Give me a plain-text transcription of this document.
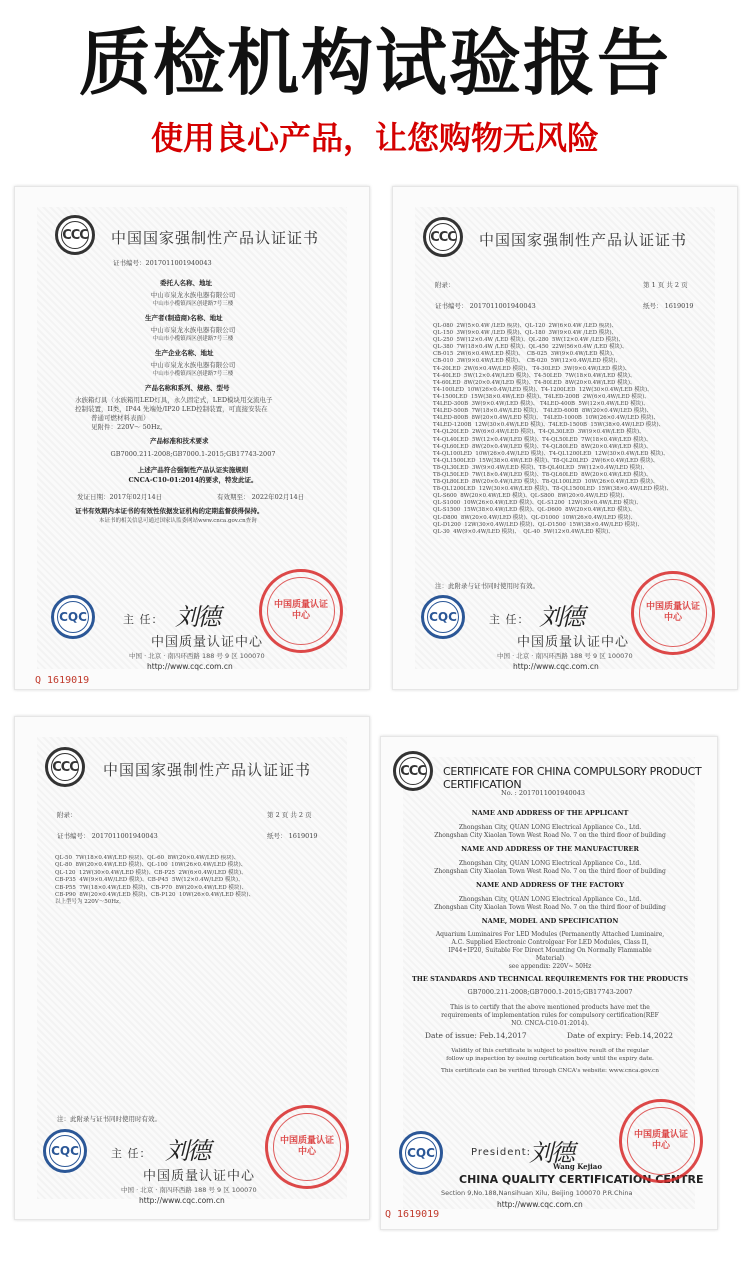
质检机构试验报告
使用良心产品，让您购物无风险
CCC	中国国家强制性产品认证证书
证书编号：2017011001940043
委托人名称、地址
中山市泉龙水族电器有限公司
中山市小榄镇西区创建路7号三楼
生产者(制造商)名称、地址
中山市泉龙水族电器有限公司
中山市小榄镇西区创建路7号三楼
生产企业名称、地址
中山市泉龙水族电器有限公司
中山市小榄镇西区创建路7号三楼
产品名称和系列、规格、型号
水族箱灯具（水族箱用LED灯具，永久固定式，LED模块用交流电子
控制装置，II类，IP44 先端处/IP20 LED控制装置，可直接安装在
普通可燃材料表面）
见附件：220V～ 50Hz。
产品标准和技术要求
GB7000.211-2008;GB7000.1-2015;GB17743-2007
上述产品符合强制性产品认证实施规则
CNCA-C10-01:2014的要求，特发此证。
发证日期：2017年02月14日	有效期至： 2022年02月14日
证书有效期内本证书的有效性依据发证机构的定期监督获得保持。
本证书的相关信息可通过国家认监委网站www.cnca.gov.cn查询
CQC	主 任： 刘德
中国质量认证中心
中国 · 北京 · 南四环西路 188 号 9 区 100070
http://www.cqc.com.cn
中国质量认证中心
Q 1619019
CCC	中国国家强制性产品认证证书
附录：	第 1 页 共 2 页
证书编号： 2017011001940043	纸号： 1619019
QL-080  2W(5×0.4W /LED 模块)、QL-120  2W(6×0.4W /LED 模块)、
QL-150  3W(9×0.4W /LED 模块)、QL-180  3W(9×0.4W /LED 模块)、
QL-250  5W(12×0.4W /LED 模块)、QL-280  5W(12×0.4W /LED 模块)、
QL-380  7W(18×0.4W /LED 模块)、QL-450  22W(56×0.4W /LED 模块)、
CB-015  2W(6×0.4W/LED 模块)、  CB-025  3W(9×0.4W/LED 模块)、
CB-010  3W(9×0.4W/LED 模块)、  CB-020  5W(12×0.4W/LED 模块)、
T4-20LED  2W(6×0.4W/LED 模块)、 T4-30LED  3W(9×0.4W/LED 模块)、
T4-40LED  5W(12×0.4W/LED 模块)、T4-50LED  7W(18×0.4W/LED 模块)、
T4-60LED  8W(20×0.4W/LED 模块)、T4-80LED  8W(20×0.4W/LED 模块)、
T4-100LED  10W(26×0.4W/LED 模块)、T4-1200LED  12W(30×0.4W/LED 模块)、
T4-1500LED  15W(38×0.4W/LED 模块)、T4LED-200B  2W(6×0.4W/LED 模块)、
T4LED-300B  3W(9×0.4W/LED 模块)、 T4LED-400B  5W(12×0.4W/LED 模块)、
T4LED-500B  7W(18×0.4W/LED 模块)、 T4LED-600B  8W(20×0.4W/LED 模块)、
T4LED-800B  8W(20×0.4W/LED 模块)、 T4LED-1000B  10W(26×0.4W/LED 模块)、
T4LED-1200B  12W(30×0.4W/LED 模块)、T4LED-1500B  15W(38×0.4W/LED 模块)、
T4-QL20LED  2W(6×0.4W/LED 模块)、T4-QL30LED  3W(9×0.4W/LED 模块)、
T4-QL40LED  5W(12×0.4W/LED 模块)、T4-QL50LED  7W(18×0.4W/LED 模块)、
T4-QL60LED  8W(20×0.4W/LED 模块)、T4-QL80LED  8W(20×0.4W/LED 模块)、
T4-QL100LED  10W(26×0.4W/LED 模块)、T4-QL1200LED  12W(30×0.4W/LED 模块)、
T4-QL1500LED  15W(38×0.4W/LED 模块)、T8-QL20LED  2W(6×0.4W/LED 模块)、
T8-QL30LED  3W(9×0.4W/LED 模块)、T8-QL40LED  5W(12×0.4W/LED 模块)、
T8-QL50LED  7W(18×0.4W/LED 模块)、T8-QL60LED  8W(20×0.4W/LED 模块)、
T8-QL80LED  8W(20×0.4W/LED 模块)、T8-QL100LED  10W(26×0.4W/LED 模块)、
T8-QL1200LED  12W(30×0.4W/LED 模块)、T8-QL1500LED  15W(38×0.4W/LED 模块)、
QL-S600  8W(20×0.4W/LED 模块)、QL-S800  8W(20×0.4W/LED 模块)、
QL-S1000  10W(26×0.4W/LED 模块)、QL-S1200  12W(30×0.4W/LED 模块)、
QL-S1500  15W(38×0.4W/LED 模块)、QL-D600  8W(20×0.4W/LED 模块)、
QL-D800  8W(20×0.4W/LED 模块)、QL-D1000  10W(26×0.4W/LED 模块)、
QL-D1200  12W(30×0.4W/LED 模块)、QL-D1500  15W(38×0.4W/LED 模块)、
QL-30  4W(9×0.4W/LED 模块)、  QL-40  5W(12×0.4W/LED 模块)、
注：此附录与证书同时使用时有效。
CQC	主 任： 刘德
中国质量认证中心
中国 · 北京 · 南四环西路 188 号 9 区 100070
http://www.cqc.com.cn
中国质量认证中心
CCC	中国国家强制性产品认证证书
附录：	第 2 页 共 2 页
证书编号： 2017011001940043	纸号： 1619019
QL-50  7W(18×0.4W/LED 模块)、QL-60  8W(20×0.4W/LED 模块)、
QL-80  8W(20×0.4W/LED 模块)、QL-100  10W(26×0.4W/LED 模块)、
QL-120  12W(30×0.4W/LED 模块)、CB-P25  2W(6×0.4W/LED 模块)、
CB-P35  4W(9×0.4W/LED 模块)、CB-P45  5W(12×0.4W/LED 模块)、
CB-P55  7W(18×0.4W/LED 模块)、CB-P70  8W(20×0.4W/LED 模块)、
CB-P90  8W(20×0.4W/LED 模块)、CB-P120  10W(26×0.4W/LED 模块)、
以上型号为 220V～50Hz。
注：此附录与证书同时使用时有效。
CQC	主 任： 刘德
中国质量认证中心
中国 · 北京 · 南四环西路 188 号 9 区 100070
http://www.cqc.com.cn
中国质量认证中心
CCC	CERTIFICATE FOR CHINA COMPULSORY PRODUCT CERTIFICATION
No. : 2017011001940043
NAME AND ADDRESS OF THE APPLICANT
Zhongshan City, QUAN LONG Electrical Appliance Co., Ltd.
Zhongshan City Xiaolan Town West Road No. 7 on the third floor of building
NAME AND ADDRESS OF THE MANUFACTURER
Zhongshan City, QUAN LONG Electrical Appliance Co., Ltd.
Zhongshan City Xiaolan Town West Road No. 7 on the third floor of building
NAME AND ADDRESS OF THE FACTORY
Zhongshan City, QUAN LONG Electrical Appliance Co., Ltd.
Zhongshan City Xiaolan Town West Road No. 7 on the third floor of building
NAME, MODEL AND SPECIFICATION
Aquarium Luminaires For LED Modules (Permanently Attached Luminaire,
A.C. Supplied Electronic Controlgear For LED Modules, Class II,
IP44+IP20, Suitable For Direct Mounting On Normally Flammable
Material)
see appendix: 220V~ 50Hz
THE STANDARDS AND TECHNICAL REQUIREMENTS FOR THE PRODUCTS
GB7000.211-2008;GB7000.1-2015;GB17743-2007
This is to certify that the above mentioned products have met the
requirements of implementation rules for compulsory certification(REF
NO. CNCA-C10-01:2014).
Date of issue: Feb.14,2017	Date of expiry: Feb.14,2022
Validity of this certificate is subject to positive result of the regular
follow up inspection by issuing certification body until the expiry date.
This certificate can be verified through CNCA's website: www.cnca.gov.cn
CQC	President:
刘德
Wang Kejiao
CHINA QUALITY CERTIFICATION CENTRE
Section 9,No.188,Nansihuan Xilu, Beijing 100070 P.R.China
http://www.cqc.com.cn
中国质量认证中心
Q 1619019
